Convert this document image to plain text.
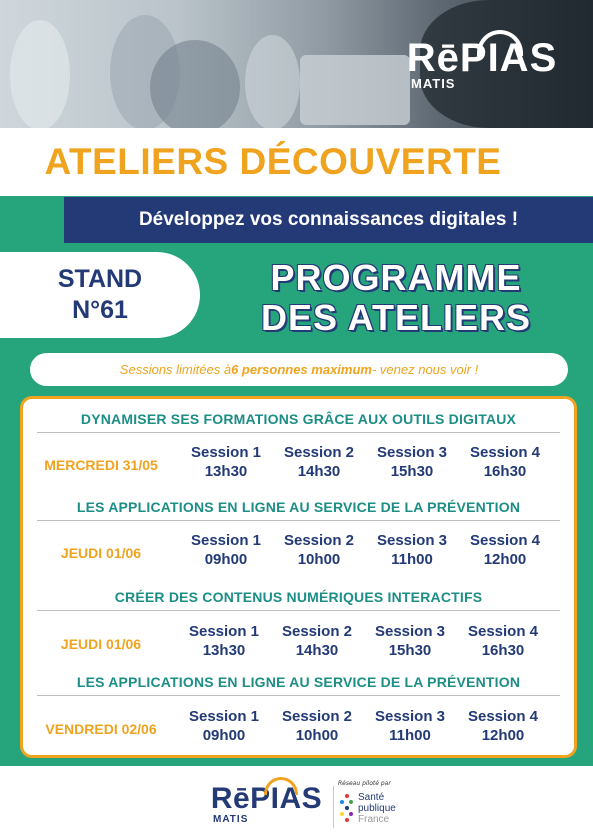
RēPIAS
MATIS
ATELIERS DÉCOUVERTE
Développez vos connaissances digitales !
STAND
N°61
PROGRAMME
DES ATELIERS
Sessions limitées à 6 personnes maximum - venez nous voir !
DYNAMISER SES FORMATIONS GRÂCE AUX OUTILS DIGITAUX
MERCREDI 31/05
Session 1
13h30
Session 2
14h30
Session 3
15h30
Session 4
16h30
LES APPLICATIONS EN LIGNE AU SERVICE DE LA PRÉVENTION
JEUDI 01/06
Session 1
09h00
Session 2
10h00
Session 3
11h00
Session 4
12h00
CRÉER DES CONTENUS NUMÉRIQUES INTERACTIFS
JEUDI 01/06
Session 1
13h30
Session 2
14h30
Session 3
15h30
Session 4
16h30
LES APPLICATIONS EN LIGNE AU SERVICE DE LA PRÉVENTION
VENDREDI 02/06
Session 1
09h00
Session 2
10h00
Session 3
11h00
Session 4
12h00
RēPIAS
MATIS
Réseau piloté par
Santé
publique
France
